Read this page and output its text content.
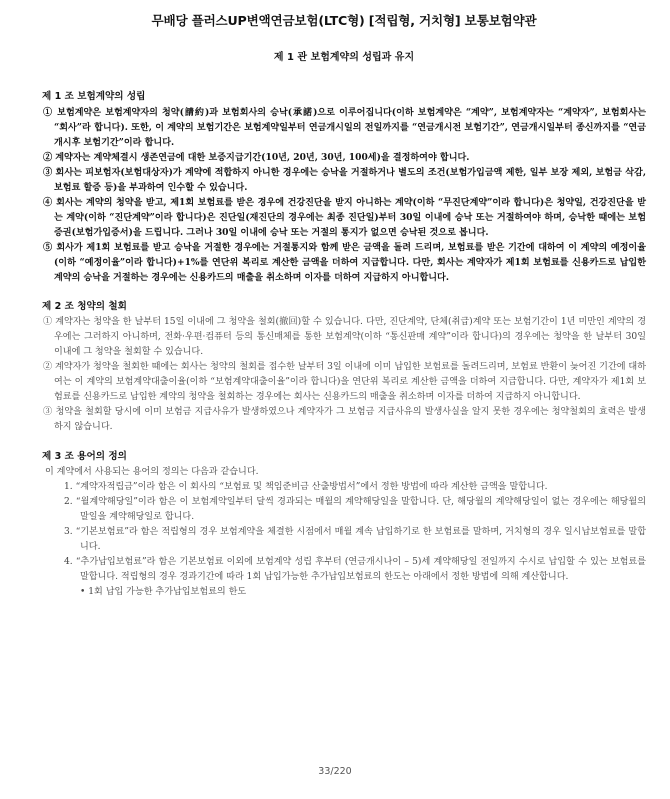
무배당 플러스UP변액연금보험(LTC형) [적립형, 거치형] 보통보험약관
제 1 관 보험계약의 성립과 유지
제 1 조 보험계약의 성립

① 보험계약은 보험계약자의 청약(請約)과 보험회사의 승낙(承諾)으로 이루어집니다(이하 보험계약은 “계약”, 보험계약자는 “계약자”, 보험회사는 “회사”라 합니다). 또한, 이 계약의 보험기간은 보험계약일부터 연금개시일의 전일까지를 “연금개시전 보험기간”, 연금개시일부터 종신까지를 “연금개시후 보험기간”이라 합니다.

② 계약자는 계약체결시 생존연금에 대한 보증지급기간(10년, 20년, 30년, 100세)을 결정하여야 합니다.

③ 회사는 피보험자(보험대상자)가 계약에 적합하지 아니한 경우에는 승낙을 거절하거나 별도의 조건(보험가입금액 제한, 일부 보장 제외, 보험금 삭감, 보험료 할증 등)을 부과하여 인수할 수 있습니다.

④ 회사는 계약의 청약을 받고, 제1회 보험료를 받은 경우에 건강진단을 받지 아니하는 계약(이하 “무진단계약”이라 합니다)은 청약일, 건강진단을 받는 계약(이하 “진단계약”이라 합니다)은 진단일(재진단의 경우에는 최종 진단일)부터 30일 이내에 승낙 또는 거절하여야 하며, 승낙한 때에는 보험증권(보험가입증서)을 드립니다. 그러나 30일 이내에 승낙 또는 거절의 통지가 없으면 승낙된 것으로 봅니다.

⑤ 회사가 제1회 보험료를 받고 승낙을 거절한 경우에는 거절통지와 함께 받은 금액을 돌려 드리며, 보험료를 받은 기간에 대하여 이 계약의 예정이율(이하 “예정이율”이라 합니다)+1%를 연단위 복리로 계산한 금액을 더하여 지급합니다. 다만, 회사는 계약자가 제1회 보험료를 신용카드로 납입한 계약의 승낙을 거절하는 경우에는 신용카드의 매출을 취소하며 이자를 더하여 지급하지 아니합니다.

제 2 조 청약의 철회

① 계약자는 청약을 한 날부터 15일 이내에 그 청약을 철회(撤回)할 수 있습니다. 다만, 진단계약, 단체(취급)계약 또는 보험기간이 1년 미만인 계약의 경우에는 그러하지 아니하며, 전화·우편·컴퓨터 등의 통신매체를 통한 보험계약(이하 “통신판매 계약”이라 합니다)의 경우에는 청약을 한 날부터 30일 이내에 그 청약을 철회할 수 있습니다.

② 계약자가 청약을 철회한 때에는 회사는 청약의 철회를 접수한 날부터 3일 이내에 이미 납입한 보험료를 돌려드리며, 보험료 반환이 늦어진 기간에 대하여는 이 계약의 보험계약대출이율(이하 “보험계약대출이율”이라 합니다)을 연단위 복리로 계산한 금액을 더하여 지급합니다. 다만, 계약자가 제1회 보험료를 신용카드로 납입한 계약의 청약을 철회하는 경우에는 회사는 신용카드의 매출을 취소하며 이자를 더하여 지급하지 아니합니다.

③ 청약을 철회할 당시에 이미 보험금 지급사유가 발생하였으나 계약자가 그 보험금 지급사유의 발생사실을 알지 못한 경우에는 청약철회의 효력은 발생하지 않습니다.

제 3 조 용어의 정의

이 계약에서 사용되는 용어의 정의는 다음과 같습니다.

1. “계약자적립금”이라 함은 이 회사의 “보험료 및 책임준비금 산출방법서”에서 정한 방법에 따라 계산한 금액을 말합니다.
2. “월계약해당일”이라 함은 이 보험계약일부터 달씩 경과되는 매월의 계약해당일을 말합니다. 단, 해당월의 계약해당일이 없는 경우에는 해당월의 말일을 계약해당일로 합니다.
3. “기본보험료”라 함은 적립형의 경우 보험계약을 체결한 시점에서 매월 계속 납입하기로 한 보험료를 말하며, 거치형의 경우 일시납보험료를 말합니다.
4. “추가납입보험료”라 함은 기본보험료 이외에 보험계약 성립 후부터 (연금개시나이 – 5)세 계약해당일 전일까지 수시로 납입할 수 있는 보험료를 말합니다. 적립형의 경우 경과기간에 따라 1회 납입가능한 추가납입보험료의 한도는 아래에서 정한 방법에 의해 계산합니다.

• 1회 납입 가능한 추가납입보험료의 한도

33/220
